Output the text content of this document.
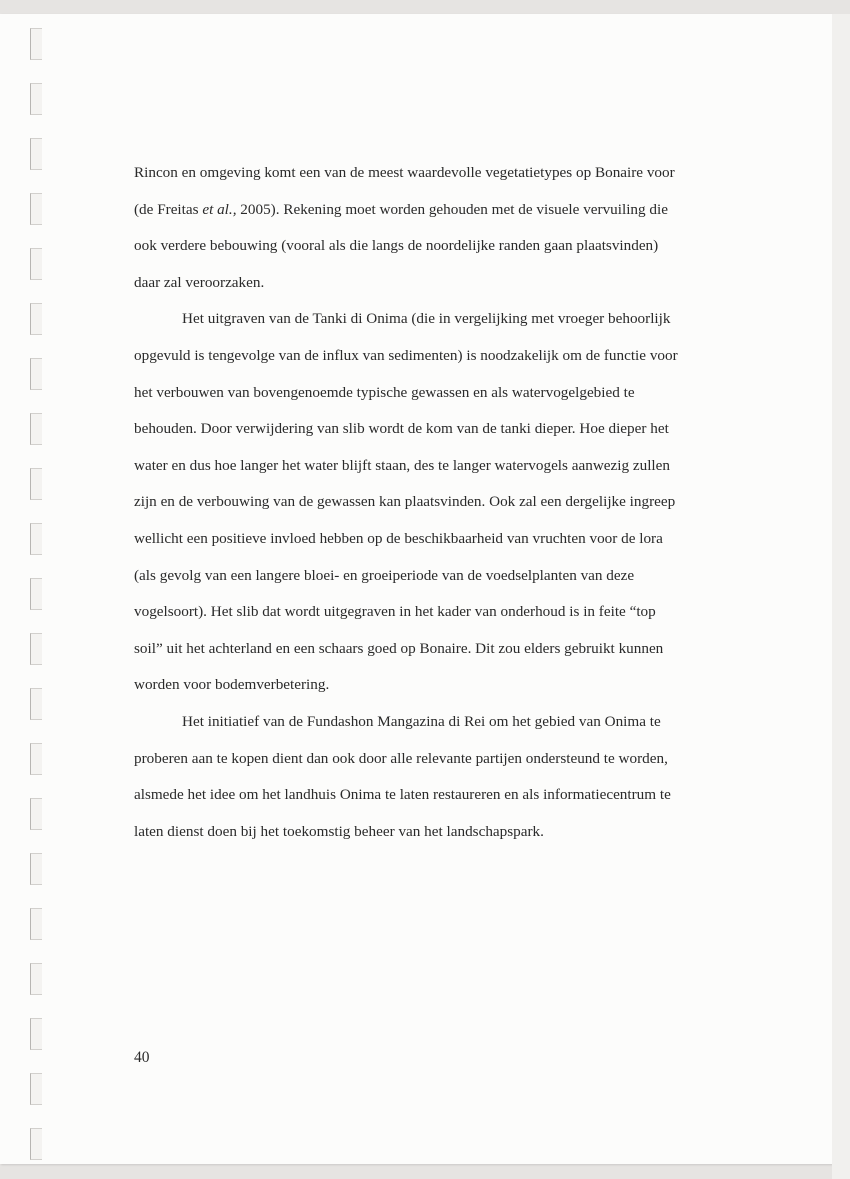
Rincon en omgeving komt een van de meest waardevolle vegetatietypes op Bonaire voor
(de Freitas et al., 2005). Rekening moet worden gehouden met de visuele vervuiling die
ook verdere bebouwing (vooral als die langs de noordelijke randen gaan plaatsvinden)
daar zal veroorzaken.

Het uitgraven van de Tanki di Onima (die in vergelijking met vroeger behoorlijk
opgevuld is tengevolge van de influx van sedimenten) is noodzakelijk om de functie voor
het verbouwen van bovengenoemde typische gewassen en als watervogelgebied te
behouden. Door verwijdering van slib wordt de kom van de tanki dieper. Hoe dieper het
water en dus hoe langer het water blijft staan, des te langer watervogels aanwezig zullen
zijn en de verbouwing van de gewassen kan plaatsvinden. Ook zal een dergelijke ingreep
wellicht een positieve invloed hebben op de beschikbaarheid van vruchten voor de lora
(als gevolg van een langere bloei- en groeiperiode van de voedselplanten van deze
vogelsoort). Het slib dat wordt uitgegraven in het kader van onderhoud is in feite “top
soil” uit het achterland en een schaars goed op Bonaire. Dit zou elders gebruikt kunnen
worden voor bodemverbetering.

Het initiatief van de Fundashon Mangazina di Rei om het gebied van Onima te
proberen aan te kopen dient dan ook door alle relevante partijen ondersteund te worden,
alsmede het idee om het landhuis Onima te laten restaureren en als informatiecentrum te
laten dienst doen bij het toekomstig beheer van het landschapspark.

40
